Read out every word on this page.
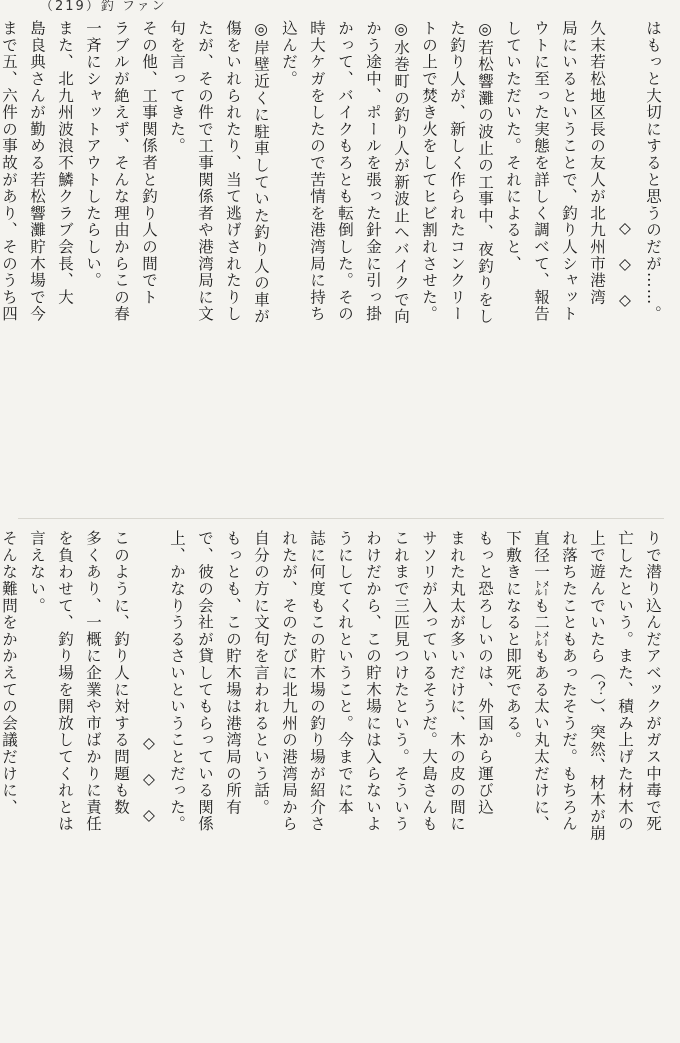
（219）釣 ファン
はもっと大切にすると思うのだが……。
◇　◇　◇
久末若松地区長の友人が北九州市港湾
局にいるということで、釣り人シャット
ウトに至った実態を詳しく調べて、報告
していただいた。それによると、
◎若松響灘の波止の工事中、夜釣りをし
た釣り人が、新しく作られたコンクリー
トの上で焚き火をしてヒビ割れさせた。
◎水巻町の釣り人が新波止へバイクで向
かう途中、ポールを張った針金に引っ掛
かって、バイクもろとも転倒した。その
時大ケガをしたので苦情を港湾局に持ち
込んだ。
◎岸壁近くに駐車していた釣り人の車が
傷をいれられたり、当て逃げされたりし
たが、その件で工事関係者や港湾局に文
句を言ってきた。
その他、工事関係者と釣り人の間でト
ラブルが絶えず、そんな理由からこの春
一斉にシャットアウトしたらしい。
また、北九州波浪不鱗クラブ会長、大
島良典さんが勤める若松響灘貯木場で今
まで五、六件の事故があり、そのうち四
りで潜り込んだアベックがガス中毒で死
亡したという。また、積み上げた材木の
上で遊んでいたら（？）、突然、材木が崩
れ落ちたこともあったそうだ。もちろん
直径一㍍も二㍍もある太い丸太だけに、
下敷きになると即死である。
もっと恐ろしいのは、外国から運び込
まれた丸太が多いだけに、木の皮の間に
サソリが入っているそうだ。大島さんも
これまで三匹見つけたという。そういう
わけだから、この貯木場には入らないよ
うにしてくれということ。今までに本
誌に何度もこの貯木場の釣り場が紹介さ
れたが、そのたびに北九州の港湾局から
自分の方に文句を言われるという話。
もっとも、この貯木場は港湾局の所有
で、彼の会社が貸してもらっている関係
上、かなりうるさいということだった。
◇　◇　◇
このように、釣り人に対する問題も数
多くあり、一概に企業や市ばかりに責任
を負わせて、釣り場を開放してくれとは
言えない。
そんな難問をかかえての会議だけに、
